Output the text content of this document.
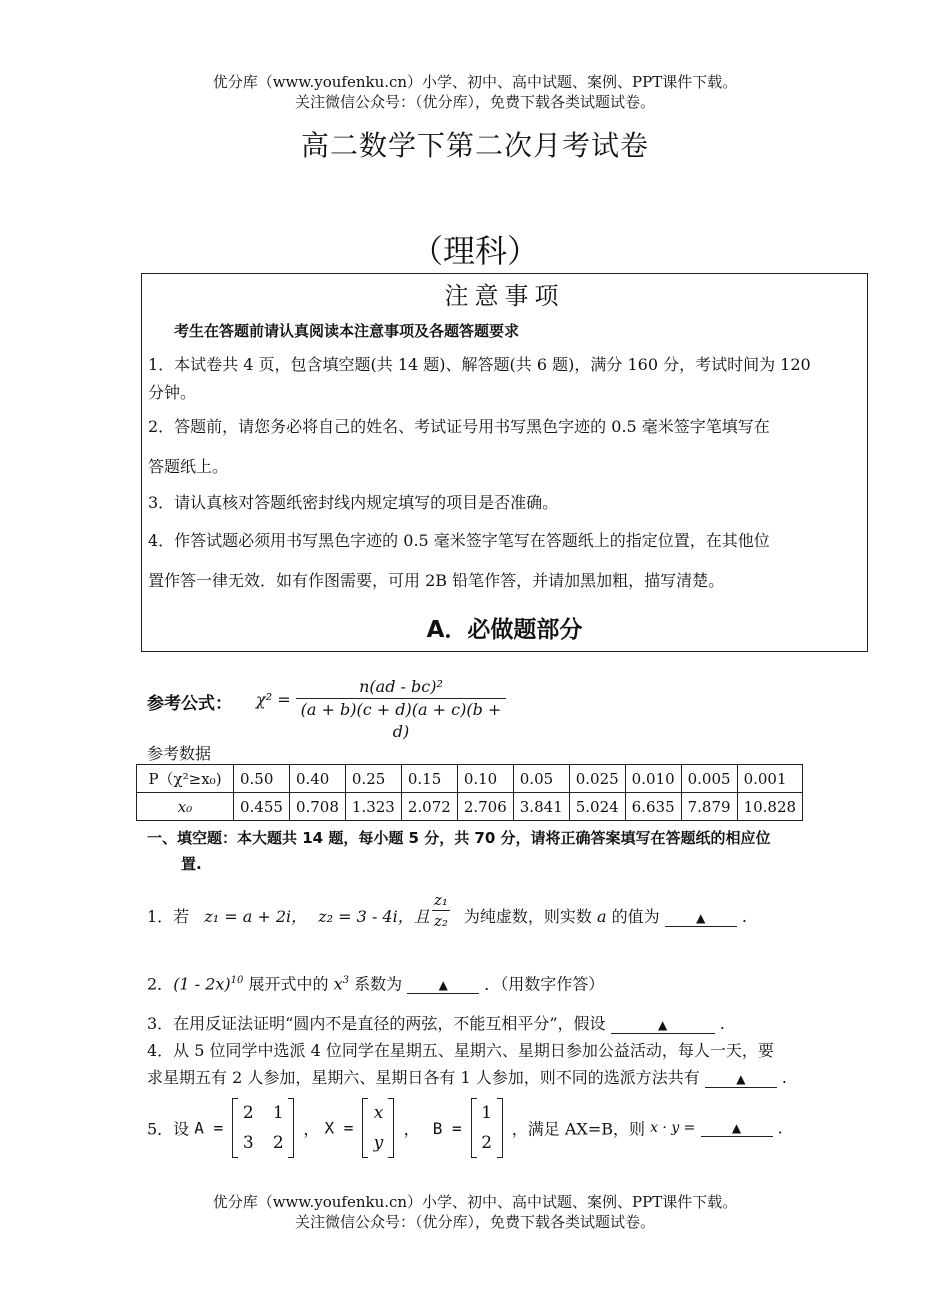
优分库（www.youfenku.cn）小学、初中、高中试题、案例、PPT课件下载。
关注微信公众号：（优分库），免费下载各类试题试卷。
高二数学下第二次月考试卷
（理科）
注意事项
考生在答题前请认真阅读本注意事项及各题答题要求
1．本试卷共 4 页，包含填空题(共 14 题)、解答题(共 6 题)，满分 160 分，考试时间为 120
分钟。
2．答题前，请您务必将自己的姓名、考试证号用书写黑色字迹的 0.5 毫米签字笔填写在
答题纸上。
3．请认真核对答题纸密封线内规定填写的项目是否准确。
4．作答试题必须用书写黑色字迹的 0.5 毫米签字笔写在答题纸上的指定位置，在其他位
置作答一律无效．如有作图需要，可用 2B 铅笔作答，并请加黑加粗，描写清楚。
A．必做题部分
参考公式： χ² =
n(ad - bc)²
(a + b)(c + d)(a + c)(b + d)
参考数据
P（χ²≥x₀)	0.50	0.40	0.25	0.15	0.10	0.05	0.025	0.010	0.005	0.001
x₀	0.455	0.708	1.323	2.072	2.706	3.841	5.024	6.635	7.879	10.828
一、填空题：本大题共 14 题，每小题 5 分，共 70 分，请将正确答案填写在答题纸的相应位
置.
1．若 z₁ = a + 2i， z₂ = 3 - 4i，且 为纯虚数，则实数 a 的值为	▲ .
z₁
z₂
2．(1 - 2x)$^{10}$ 展开式中的 $x^3$ 系数为	▲ ．（用数字作答）
3．在用反证法证明“圆内不是直径的两弦，不能互相平分”，假设	▲	.
4．从 5 位同学中选派 4 位同学在星期五、星期六、星期日参加公益活动，每人一天，要
求星期五有 2 人参加，星期六、星期日各有 1 人参加，则不同的选派方法共有	▲ .
5．设 A =
2 1
3 2
， X =
x
y
， B =
1
2
，满足 AX=B，则 x · y =	▲ .
优分库（www.youfenku.cn）小学、初中、高中试题、案例、PPT课件下载。
关注微信公众号：（优分库），免费下载各类试题试卷。
